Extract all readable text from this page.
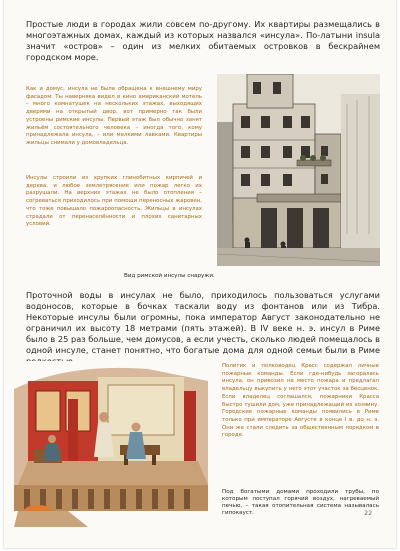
Простые люди в городах жили совсем по-другому. Их квартиры размещались в многоэтажных домах, каждый из которых назвался «инсула». По-латыни insula значит «остров» – один из мелких обитаемых островков в бескрайнем городском море.

Как и домус, инсула не была обращена к внешнему миру фасадом. Ты наверняка видел в кино американский мотель – много комнатушек на нескольких этажах, выходящих дверями на открытый двор, вот примерно так были устроены римские инсулы. Первый этаж был обычно занят жильём состоятельного человека – иногда того, кому принадлежала инсула, – или мелкими лавками. Квартиры жильцы снимали у домовладельца.

Инсулы строили из хрупких глинобитных кирпичей и дерева, и любое землетрясение или пожар легко их разрушали. На верхних этажах не было отопления – согреваться приходилось при помощи переносных жаровен, что тоже повышало пожароопасность. Жильцы в инсулах страдали от перенаселённости и плохих санитарных условий.

Вид римской инсулы снаружи.

Проточной воды в инсулах не было, приходилось пользоваться услугами водоносов, которые в бочках таскали воду из фонтанов или из Тибра. Некоторые инсулы были огромны, пока император Август законодательно не ограничил их высоту 18 метрами (пять этажей). В IV веке н. э. инсул в Риме было в 25 раз больше, чем домусов, а если учесть, сколько людей помещалось в одной инсуле, станет понятно, что богатые дома для одной семьи были в Риме

Политик и полководец Красс содержал личные пожарные команды. Если где-нибудь загоралась инсула, он привозил на место пожара и предлагал владельцу выкупить у него этот участок за бесценок. Если владелец соглашался, пожарники Красса быстро тушили дом, уже принадлежащий их хозяину. Городские пожарные команды появились в Риме только при императоре Августе в конце I в. до н. э. Они же стали следить за общественным порядком в городе.

Под богатыми домами проходили трубы, по которым поступал горячий воздух, нагреваемый печью, – такая отопительная система называлась гипокауст.	22
